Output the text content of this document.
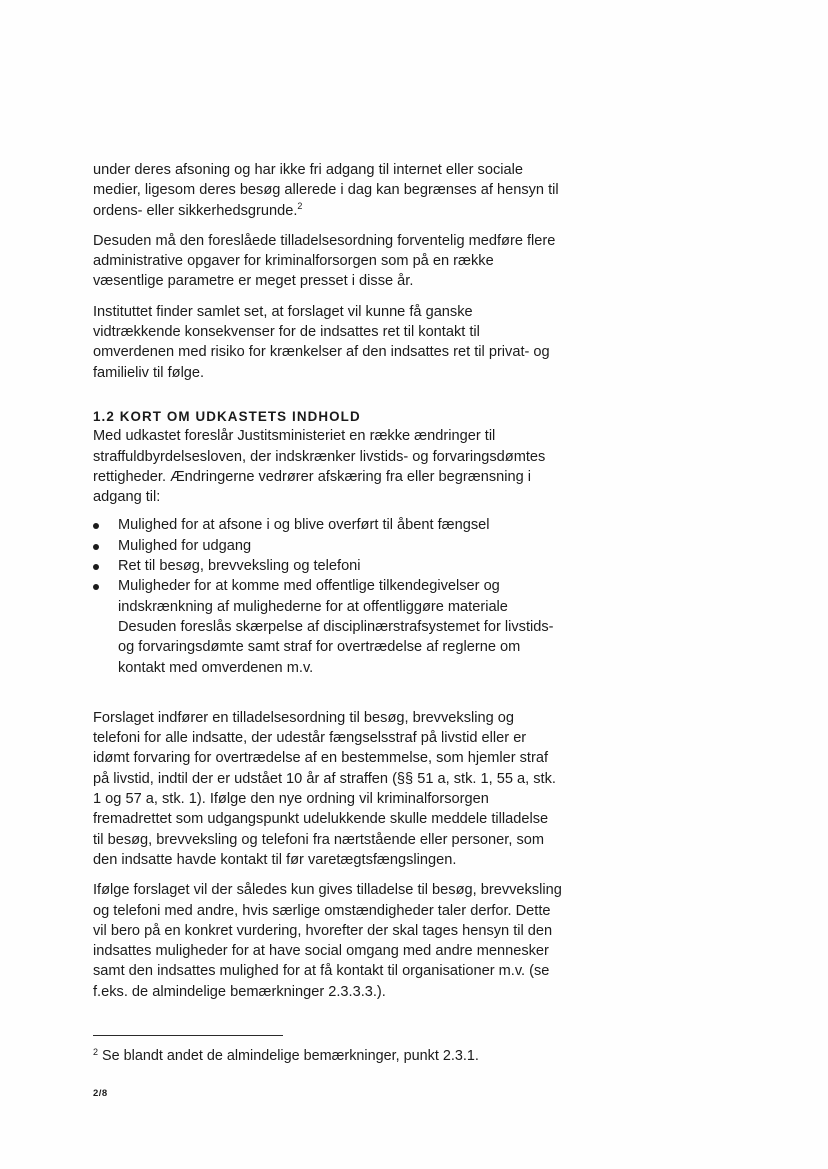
under deres afsoning og har ikke fri adgang til internet eller sociale
medier, ligesom deres besøg allerede i dag kan begrænses af hensyn til
ordens- eller sikkerhedsgrunde.$^2$

Desuden må den foreslåede tilladelsesordning forventelig medføre flere
administrative opgaver for kriminalforsorgen som på en række
væsentlige parametre er meget presset i disse år.

Instituttet finder samlet set, at forslaget vil kunne få ganske
vidtrækkende konsekvenser for de indsattes ret til kontakt til
omverdenen med risiko for krænkelser af den indsattes ret til privat- og
familieliv til følge.

1.2 KORT OM UDKASTETS INDHOLD

Med udkastet foreslår Justitsministeriet en række ændringer til
straffuldbyrdelsesloven, der indskrænker livstids- og forvaringsdømtes
rettigheder. Ændringerne vedrører afskæring fra eller begrænsning i
adgang til:

Mulighed for at afsone i og blive overført til åbent fængsel
Mulighed for udgang
Ret til besøg, brevveksling og telefoni
Muligheder for at komme med offentlige tilkendegivelser og
indskrænkning af mulighederne for at offentliggøre materiale
Desuden foreslås skærpelse af disciplinærstrafsystemet for livstids-
og forvaringsdømte samt straf for overtrædelse af reglerne om
kontakt med omverdenen m.v.

Forslaget indfører en tilladelsesordning til besøg, brevveksling og
telefoni for alle indsatte, der udestår fængselsstraf på livstid eller er
idømt forvaring for overtrædelse af en bestemmelse, som hjemler straf
på livstid, indtil der er udstået 10 år af straffen (§§ 51 a, stk. 1, 55 a, stk.
1 og 57 a, stk. 1). Ifølge den nye ordning vil kriminalforsorgen
fremadrettet som udgangspunkt udelukkende skulle meddele tilladelse
til besøg, brevveksling og telefoni fra nærtstående eller personer, som
den indsatte havde kontakt til før varetægtsfængslingen.

Ifølge forslaget vil der således kun gives tilladelse til besøg, brevveksling
og telefoni med andre, hvis særlige omstændigheder taler derfor. Dette
vil bero på en konkret vurdering, hvorefter der skal tages hensyn til den
indsattes muligheder for at have social omgang med andre mennesker
samt den indsattes mulighed for at få kontakt til organisationer m.v. (se
f.eks. de almindelige bemærkninger 2.3.3.3.).

$^2$ Se blandt andet de almindelige bemærkninger, punkt 2.3.1.
2/8
